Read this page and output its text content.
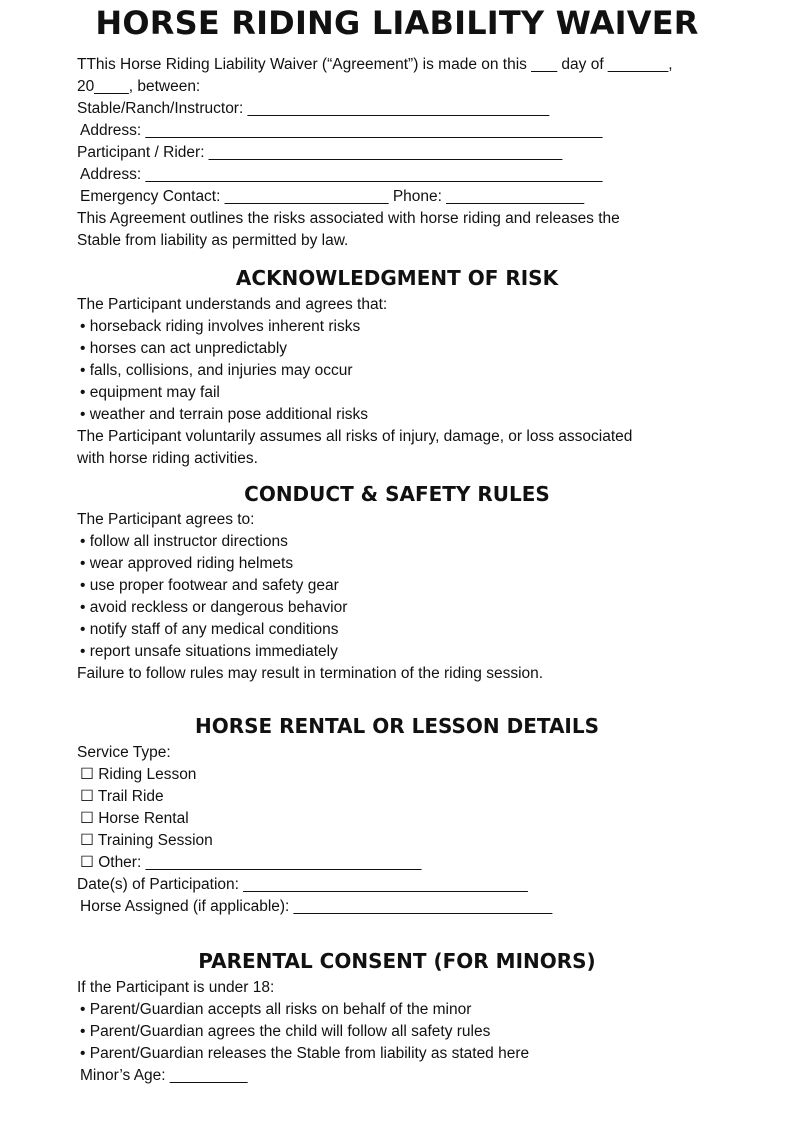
HORSE RIDING LIABILITY WAIVER
TThis Horse Riding Liability Waiver (“Agreement”) is made on this ___ day of _______,
20____, between:
Stable/Ranch/Instructor: ___________________________________
Address: _____________________________________________________
Participant / Rider: _________________________________________
Address: _____________________________________________________
Emergency Contact: ___________________ Phone: ________________
This Agreement outlines the risks associated with horse riding and releases the
Stable from liability as permitted by law.
ACKNOWLEDGMENT OF RISK
The Participant understands and agrees that:
• horseback riding involves inherent risks
• horses can act unpredictably
• falls, collisions, and injuries may occur
• equipment may fail
• weather and terrain pose additional risks
The Participant voluntarily assumes all risks of injury, damage, or loss associated
with horse riding activities.
CONDUCT & SAFETY RULES
The Participant agrees to:
• follow all instructor directions
• wear approved riding helmets
• use proper footwear and safety gear
• avoid reckless or dangerous behavior
• notify staff of any medical conditions
• report unsafe situations immediately
Failure to follow rules may result in termination of the riding session.
HORSE RENTAL OR LESSON DETAILS
Service Type:
☐ Riding Lesson
☐ Trail Ride
☐ Horse Rental
☐ Training Session
☐ Other: ________________________________
Date(s) of Participation: _________________________________
Horse Assigned (if applicable): ______________________________
PARENTAL CONSENT (FOR MINORS)
If the Participant is under 18:
• Parent/Guardian accepts all risks on behalf of the minor
• Parent/Guardian agrees the child will follow all safety rules
• Parent/Guardian releases the Stable from liability as stated here
Minor’s Age: _________
